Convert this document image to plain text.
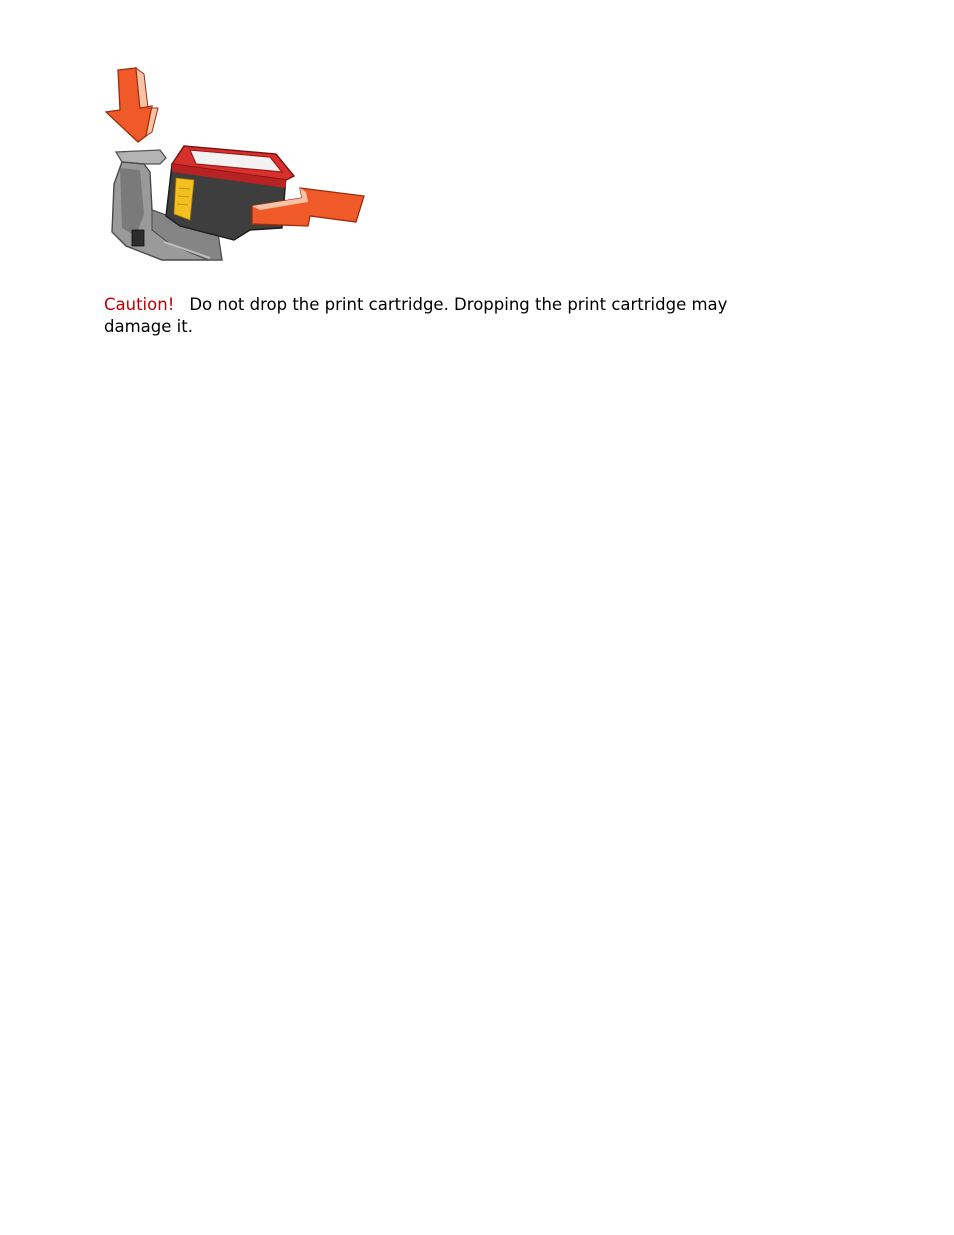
Caution! Do not drop the print cartridge. Dropping the print cartridge may damage it.
